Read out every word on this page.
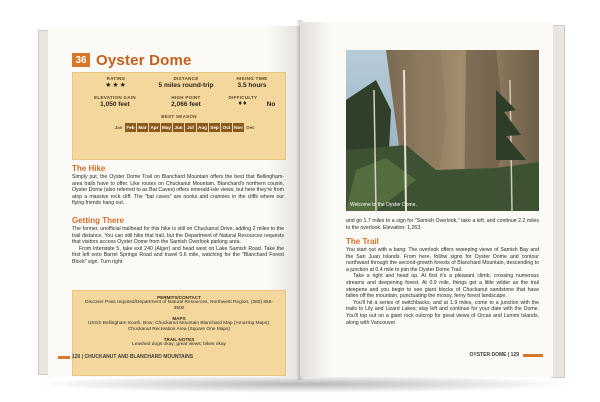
36 Oyster Dome
RATING
★★★
DISTANCE
5 miles round-trip
HIKING TIME
3.5 hours
ELEVATION GAIN
1,050 feet
HIGH POINT
2,066 feet
DIFFICULTY
♦♦	No
BEST SEASON
Jan Feb Mar Apr May Jun Jul Aug Sep Oct Nov Dec
The Hike

Simply put, the Oyster Dome Trail on Blanchard Mountain offers the best that Bellingham-area trails have to offer. Like routes on Chuckanut Mountain, Blanchard's northern cousin, Oyster Dome (also referred to as Bat Caves) offers emerald-isle views, but here they're from atop a massive rock cliff. The "bat caves" are nooks and crannies in the cliffs where our flying friends hang out.

Getting There

The former, unofficial trailhead for this hike is still on Chuckanut Drive, adding 2 miles to the trail distance. You can still hike that trail, but the Department of Natural Resources requests that visitors access Oyster Dome from the Samish Overlook parking area.

From Interstate 5, take exit 240 (Alger) and head west on Lake Samish Road. Take the first left onto Barrel Springs Road and travel 0.6 mile, watching for the "Blanchard Forest Block" sign. Turn right

PERMITS/CONTACT
Discover Pass required/Department of Natural Resources, Northwest Region, (360) 856-3500
MAPS
USGS Bellingham South, Bow; Chuckanut Mountain Blanchard Map (Amazing Maps); Chuckanut Recreation Area (Square One Maps)
TRAIL NOTES
Leashed dogs okay; great views; bikes okay
120 | CHUCKANUT AND BLANCHARD MOUNTAINS
Welcome to the Oyster Dome.
and go 1.7 miles to a sign for "Samish Overlook," take a left, and continue 2.2 miles to the overlook. Elevation: 1,263.
The Trail

You start out with a bang: The overlook offers sweeping views of Samish Bay and the San Juan Islands. From here, follow signs for Oyster Dome and contour northward through the second-growth forests of Blanchard Mountain, descending to a junction at 0.4 mile to join the Oyster Dome Trail.

Take a right and head up. At first it's a pleasant climb, crossing numerous streams and deepening forest. At 0.9 mile, things get a little wilder as the trail steepens and you begin to see giant blocks of Chuckanut sandstone that have fallen off the mountain, punctuating the mossy, ferny forest landscape.

You'll hit a series of switchbacks, and at 1.9 miles, come to a junction with the trails to Lily and Lizard Lakes; stay left and continue for your date with the Dome. You'll top out on a giant rock outcrop for great views of Orcas and Lummi Islands, along with Vancouver

OYSTER DOME | 129
